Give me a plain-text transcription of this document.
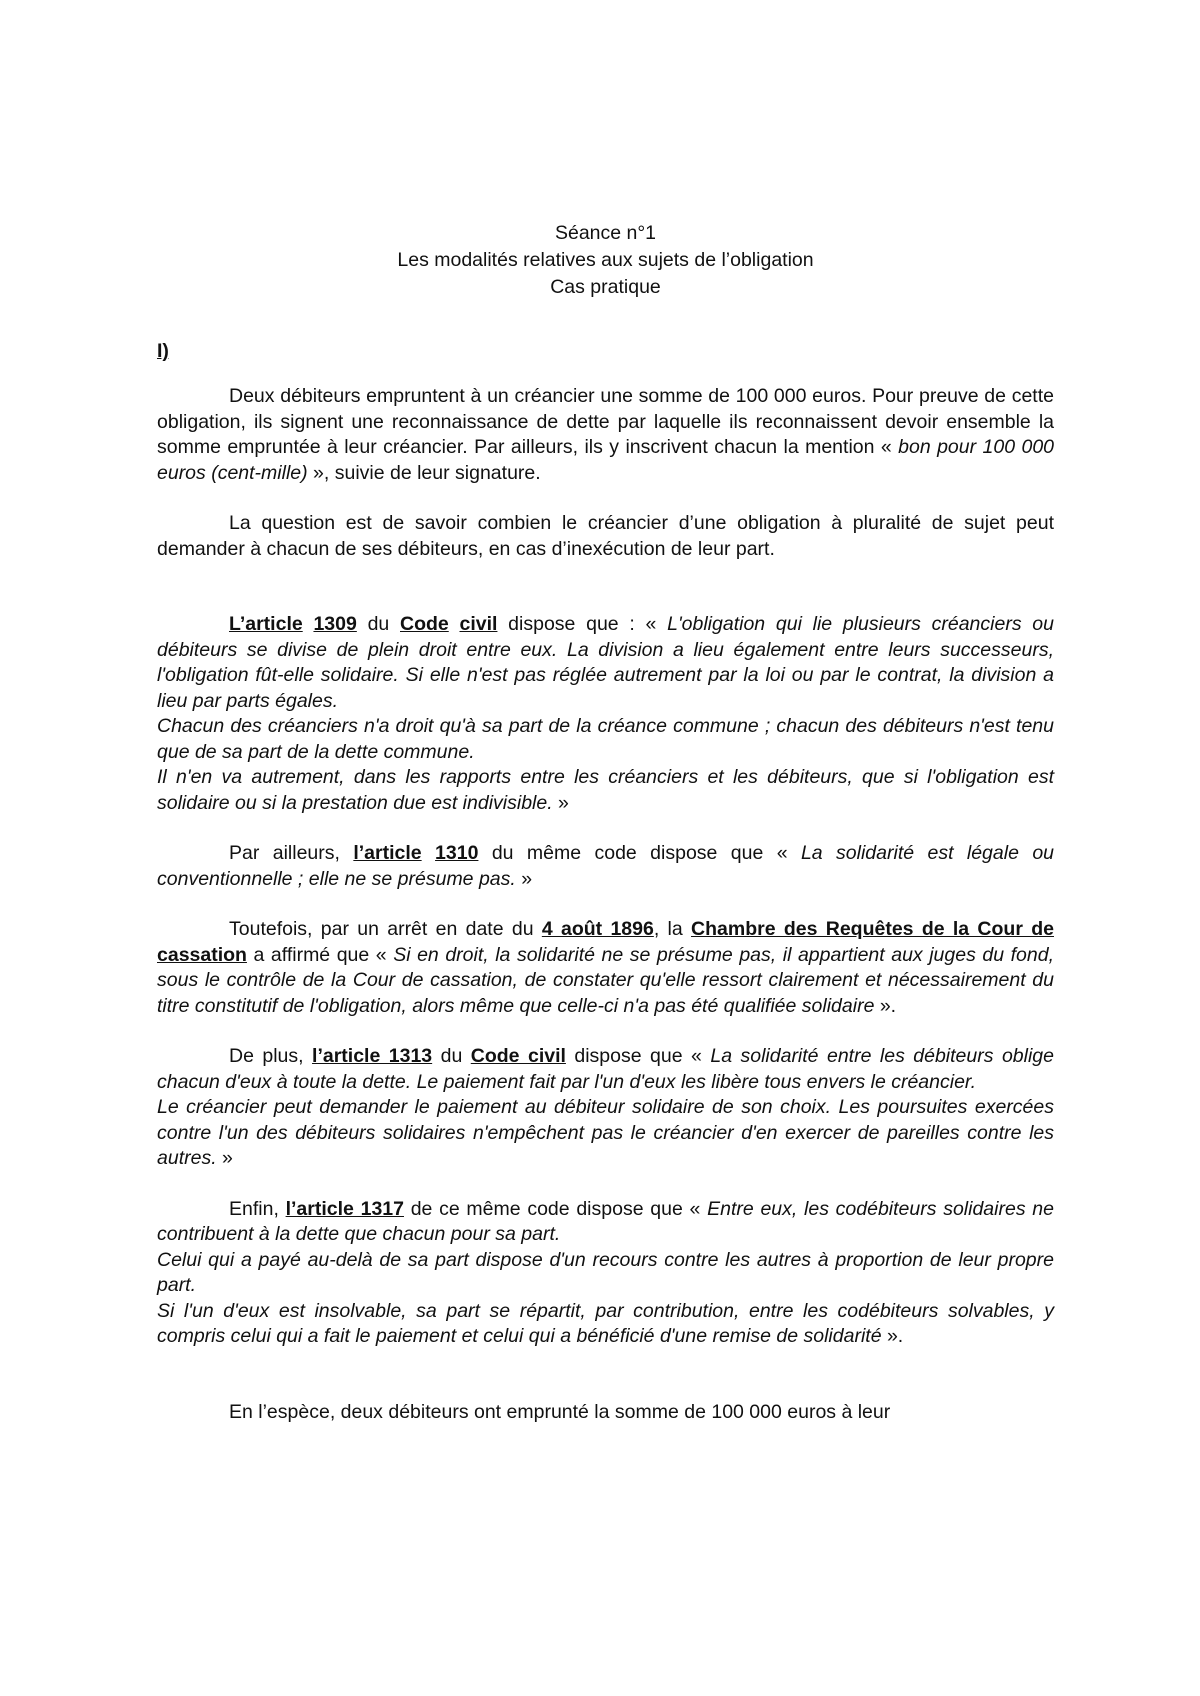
Séance n°1
Les modalités relatives aux sujets de l’obligation
Cas pratique
I)

Deux débiteurs empruntent à un créancier une somme de 100 000 euros. Pour preuve de cette obligation, ils signent une reconnaissance de dette par laquelle ils reconnaissent devoir ensemble la somme empruntée à leur créancier. Par ailleurs, ils y inscrivent chacun la mention « bon pour 100 000 euros (cent-mille) », suivie de leur signature.

La question est de savoir combien le créancier d’une obligation à pluralité de sujet peut demander à chacun de ses débiteurs, en cas d’inexécution de leur part.

L’article 1309 du Code civil dispose que : « L'obligation qui lie plusieurs créanciers ou débiteurs se divise de plein droit entre eux. La division a lieu également entre leurs successeurs, l'obligation fût-elle solidaire. Si elle n'est pas réglée autrement par la loi ou par le contrat, la division a lieu par parts égales.

Chacun des créanciers n'a droit qu'à sa part de la créance commune ; chacun des débiteurs n'est tenu que de sa part de la dette commune.

Il n'en va autrement, dans les rapports entre les créanciers et les débiteurs, que si l'obligation est solidaire ou si la prestation due est indivisible. »

Par ailleurs, l’article 1310 du même code dispose que « La solidarité est légale ou conventionnelle ; elle ne se présume pas. »

Toutefois, par un arrêt en date du 4 août 1896, la Chambre des Requêtes de la Cour de cassation a affirmé que « Si en droit, la solidarité ne se présume pas, il appartient aux juges du fond, sous le contrôle de la Cour de cassation, de constater qu'elle ressort clairement et nécessairement du titre constitutif de l'obligation, alors même que celle-ci n'a pas été qualifiée solidaire ».

De plus, l’article 1313 du Code civil dispose que « La solidarité entre les débiteurs oblige chacun d'eux à toute la dette. Le paiement fait par l'un d'eux les libère tous envers le créancier.

Le créancier peut demander le paiement au débiteur solidaire de son choix. Les poursuites exercées contre l'un des débiteurs solidaires n'empêchent pas le créancier d'en exercer de pareilles contre les autres. »

Enfin, l’article 1317 de ce même code dispose que « Entre eux, les codébiteurs solidaires ne contribuent à la dette que chacun pour sa part.

Celui qui a payé au-delà de sa part dispose d'un recours contre les autres à proportion de leur propre part.

Si l'un d'eux est insolvable, sa part se répartit, par contribution, entre les codébiteurs solvables, y compris celui qui a fait le paiement et celui qui a bénéficié d'une remise de solidarité ».

En l’espèce, deux débiteurs ont emprunté la somme de 100 000 euros à leur
